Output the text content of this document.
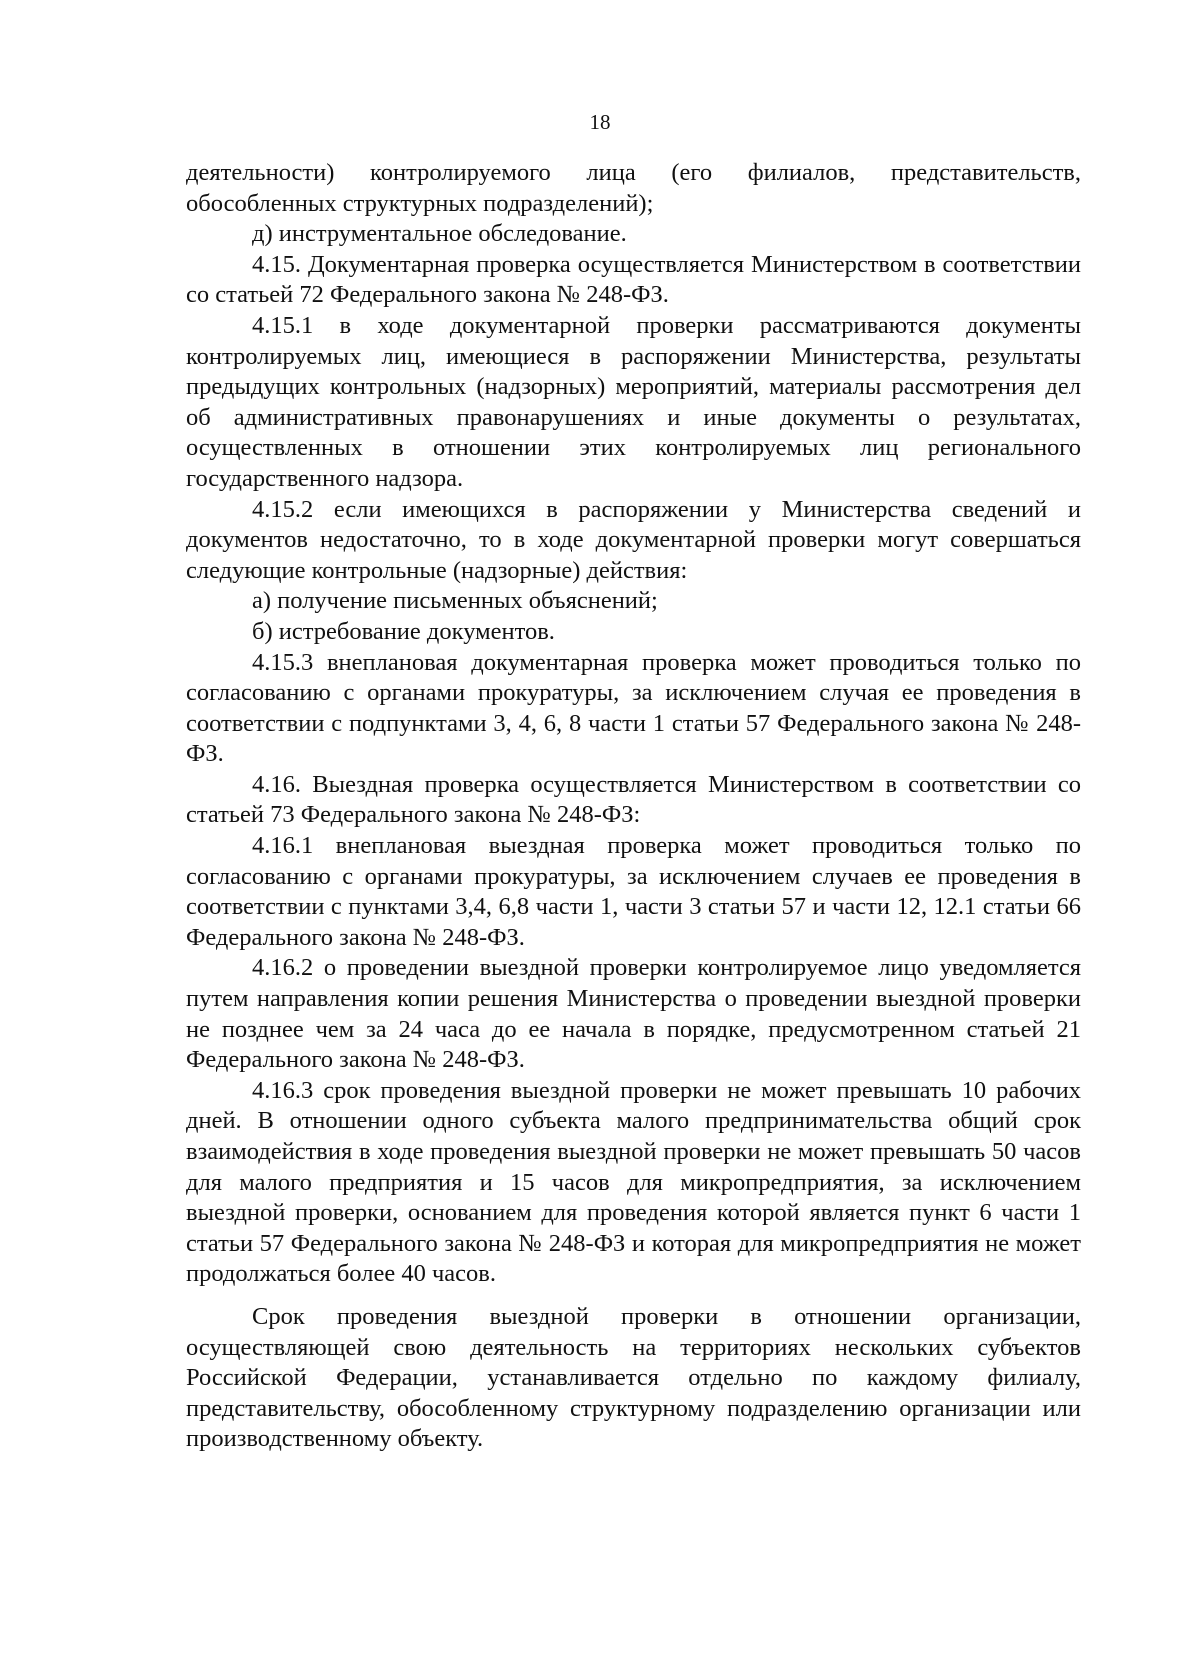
18

деятельности) контролируемого лица (его филиалов, представительств, обособленных структурных подразделений);

д) инструментальное обследование.

4.15. Документарная проверка осуществляется Министерством в соответствии со статьей 72 Федерального закона № 248-ФЗ.

4.15.1 в ходе документарной проверки рассматриваются документы контролируемых лиц, имеющиеся в распоряжении Министерства, результаты предыдущих контрольных (надзорных) мероприятий, материалы рассмотрения дел об административных правонарушениях и иные документы о результатах, осуществленных в отношении этих контролируемых лиц регионального государственного надзора.

4.15.2 если имеющихся в распоряжении у Министерства сведений и документов недостаточно, то в ходе документарной проверки могут совершаться следующие контрольные (надзорные) действия:

а) получение письменных объяснений;

б) истребование документов.

4.15.3 внеплановая документарная проверка может проводиться только по согласованию с органами прокуратуры, за исключением случая ее проведения в соответствии с подпунктами 3, 4, 6, 8 части 1 статьи 57 Федерального закона № 248-ФЗ.

4.16. Выездная проверка осуществляется Министерством в соответствии со статьей 73 Федерального закона № 248-ФЗ:

4.16.1 внеплановая выездная проверка может проводиться только по согласованию с органами прокуратуры, за исключением случаев ее проведения в соответствии с пунктами 3,4, 6,8 части 1, части 3 статьи 57 и части 12, 12.1 статьи 66 Федерального закона № 248-ФЗ.

4.16.2 о проведении выездной проверки контролируемое лицо уведомляется путем направления копии решения Министерства о проведении выездной проверки не позднее чем за 24 часа до ее начала в порядке, предусмотренном статьей 21 Федерального закона № 248-ФЗ.

4.16.3 срок проведения выездной проверки не может превышать 10 рабочих дней. В отношении одного субъекта малого предпринимательства общий срок взаимодействия в ходе проведения выездной проверки не может превышать 50 часов для малого предприятия и 15 часов для микропредприятия, за исключением выездной проверки, основанием для проведения которой является пункт 6 части 1 статьи 57 Федерального закона № 248-ФЗ и которая для микропредприятия не может продолжаться более 40 часов.

Срок проведения выездной проверки в отношении организации, осуществляющей свою деятельность на территориях нескольких субъектов Российской Федерации, устанавливается отдельно по каждому филиалу, представительству, обособленному структурному подразделению организации или производственному объекту.
